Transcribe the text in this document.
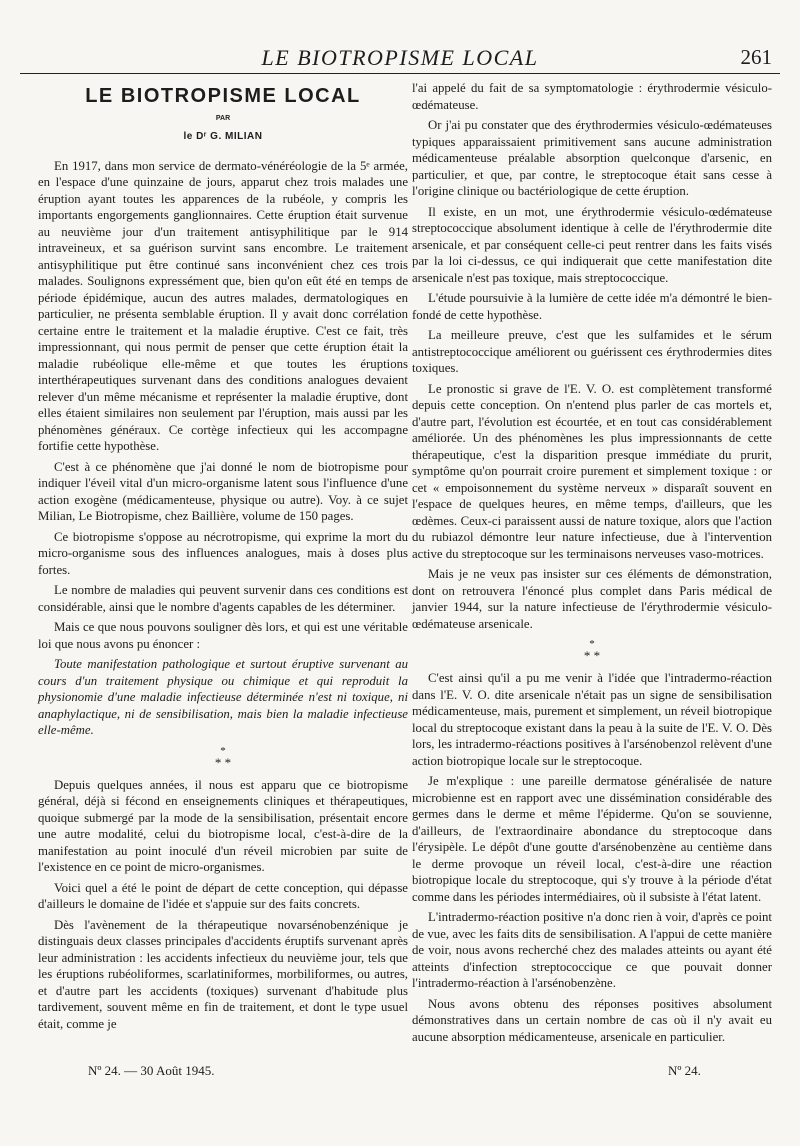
LE BIOTROPISME LOCAL	261
LE BIOTROPISME LOCAL
PAR
le Dʳ G. MILIAN

En 1917, dans mon service de dermato-vénéréologie de la 5ᵉ armée, en l'espace d'une quinzaine de jours, apparut chez trois malades une éruption ayant toutes les apparences de la rubéole, y compris les importants engorgements ganglionnaires. Cette éruption était survenue au neuvième jour d'un traitement antisyphilitique par le 914 intraveineux, et sa guérison survint sans encombre. Le traitement antisyphilitique put être continué sans inconvénient chez ces trois malades. Soulignons expressément que, bien qu'on eût été en temps de période épidémique, aucun des autres malades, dermatologiques en particulier, ne présenta semblable éruption. Il y avait donc corrélation certaine entre le traitement et la maladie éruptive. C'est ce fait, très impressionnant, qui nous permit de penser que cette éruption était la maladie rubéolique elle-même et que toutes les éruptions interthérapeutiques survenant dans des conditions analogues devaient relever d'un même mécanisme et représenter la maladie éruptive, dont elles étaient similaires non seulement par l'éruption, mais aussi par les phénomènes généraux. Ce cortège infectieux qui les accompagne fortifie cette hypothèse.

C'est à ce phénomène que j'ai donné le nom de biotropisme pour indiquer l'éveil vital d'un micro-organisme latent sous l'influence d'une action exogène (médicamenteuse, physique ou autre). Voy. à ce sujet Milian, Le Biotropisme, chez Baillière, volume de 150 pages.

Ce biotropisme s'oppose au nécrotropisme, qui exprime la mort du micro-organisme sous des influences analogues, mais à doses plus fortes.

Le nombre de maladies qui peuvent survenir dans ces conditions est considérable, ainsi que le nombre d'agents capables de les déterminer.

Mais ce que nous pouvons souligner dès lors, et qui est une véritable loi que nous avons pu énoncer :

Toute manifestation pathologique et surtout éruptive survenant au cours d'un traitement physique ou chimique et qui reproduit la physionomie d'une maladie infectieuse déterminée n'est ni toxique, ni anaphylactique, ni de sensibilisation, mais bien la maladie infectieuse elle-même.

*
* *

Depuis quelques années, il nous est apparu que ce biotropisme général, déjà si fécond en enseignements cliniques et thérapeutiques, quoique submergé par la mode de la sensibilisation, présentait encore une autre modalité, celui du biotropisme local, c'est-à-dire de la manifestation au point inoculé d'un réveil microbien par suite de l'existence en ce point de micro-organismes.

Voici quel a été le point de départ de cette conception, qui dépasse d'ailleurs le domaine de l'idée et s'appuie sur des faits concrets.

Dès l'avènement de la thérapeutique novarsénobenzénique je distinguais deux classes principales d'accidents éruptifs survenant après leur administration : les accidents infectieux du neuvième jour, tels que les éruptions rubéoliformes, scarlatiniformes, morbiliformes, ou autres, et d'autre part les accidents (toxiques) survenant d'habitude plus tardivement, souvent même en fin de traitement, et dont le type usuel était, comme je

l'ai appelé du fait de sa symptomatologie : érythrodermie vésiculo-œdémateuse.

Or j'ai pu constater que des érythrodermies vésiculo-œdémateuses typiques apparaissaient primitivement sans aucune administration médicamenteuse préalable absorption quelconque d'arsenic, en particulier, et que, par contre, le streptocoque était sans cesse à l'origine clinique ou bactériologique de cette éruption.

Il existe, en un mot, une érythrodermie vésiculo-œdémateuse streptococcique absolument identique à celle de l'érythrodermie dite arsenicale, et par conséquent celle-ci peut rentrer dans les faits visés par la loi ci-dessus, ce qui indiquerait que cette manifestation dite arsenicale n'est pas toxique, mais streptococcique.

L'étude poursuivie à la lumière de cette idée m'a démontré le bien-fondé de cette hypothèse.

La meilleure preuve, c'est que les sulfamides et le sérum antistreptococcique améliorent ou guérissent ces érythrodermies dites toxiques.

Le pronostic si grave de l'E. V. O. est complètement transformé depuis cette conception. On n'entend plus parler de cas mortels et, d'autre part, l'évolution est écourtée, et en tout cas considérablement améliorée. Un des phénomènes les plus impressionnants de cette thérapeutique, c'est la disparition presque immédiate du prurit, symptôme qu'on pourrait croire purement et simplement toxique : or cet « empoisonnement du système nerveux » disparaît souvent en l'espace de quelques heures, en même temps, d'ailleurs, que les œdèmes. Ceux-ci paraissent aussi de nature toxique, alors que l'action du rubiazol démontre leur nature infectieuse, due à l'intervention active du streptocoque sur les terminaisons nerveuses vaso-motrices.

Mais je ne veux pas insister sur ces éléments de démonstration, dont on retrouvera l'énoncé plus complet dans Paris médical de janvier 1944, sur la nature infectieuse de l'érythrodermie vésiculo-œdémateuse arsenicale.

*
* *

C'est ainsi qu'il a pu me venir à l'idée que l'intradermo-réaction dans l'E. V. O. dite arsenicale n'était pas un signe de sensibilisation médicamenteuse, mais, purement et simplement, un réveil biotropique local du streptocoque existant dans la peau à la suite de l'E. V. O. Dès lors, les intradermo-réactions positives à l'arsénobenzol relèvent d'une action biotropique locale sur le streptocoque.

Je m'explique : une pareille dermatose généralisée de nature microbienne est en rapport avec une dissémination considérable des germes dans le derme et même l'épiderme. Qu'on se souvienne, d'ailleurs, de l'extraordinaire abondance du streptocoque dans l'érysipèle. Le dépôt d'une goutte d'arsénobenzène au centième dans le derme provoque un réveil local, c'est-à-dire une réaction biotropique locale du streptocoque, qui s'y trouve à la période d'état comme dans les périodes intermédiaires, où il subsiste à l'état latent.

L'intradermo-réaction positive n'a donc rien à voir, d'après ce point de vue, avec les faits dits de sensibilisation. A l'appui de cette manière de voir, nous avons recherché chez des malades atteints ou ayant été atteints d'infection streptococcique ce que pouvait donner l'intradermo-réaction à l'arsénobenzène.

Nous avons obtenu des réponses positives absolument démonstratives dans un certain nombre de cas où il n'y avait eu aucune absorption médicamenteuse, arsenicale en particulier.

Nº 24. — 30 Août 1945.	Nº 24.
